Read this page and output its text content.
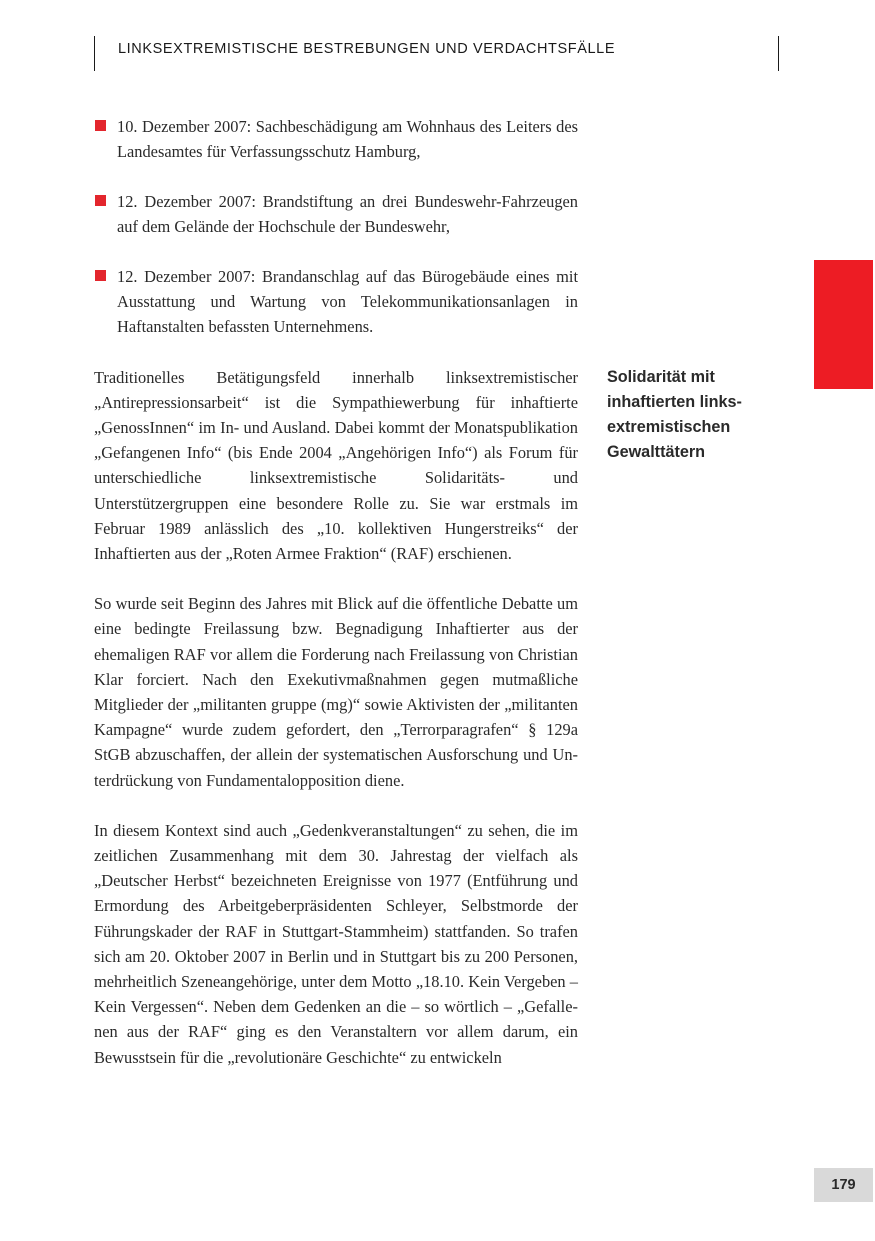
LINKSEXTREMISTISCHE BESTREBUNGEN UND VERDACHTSFÄLLE
10. Dezember 2007: Sachbeschädigung am Wohnhaus des Leiters des Landesamtes für Verfassungsschutz Hamburg,
12. Dezember 2007: Brandstiftung an drei Bundeswehr-Fahrzeugen auf dem Gelände der Hochschule der Bundeswehr,
12. Dezember 2007: Brandanschlag auf das Bürogebäude eines mit Ausstattung und Wartung von Telekommunikationsanlagen in Haftanstalten befassten Unternehmens.

Traditionelles Betätigungsfeld innerhalb linksextremistischer „Antirepressionsarbeit“ ist die Sympathiewerbung für inhaftierte „GenossInnen“ im In- und Ausland. Dabei kommt der Monatspublikation „Gefangenen Info“ (bis Ende 2004 „Angehörigen Info“) als Forum für unterschiedliche linksextremistische Solidaritäts- und Unterstützergruppen eine besondere Rolle zu. Sie war erstmals im Februar 1989 anlässlich des „10. kollektiven Hungerstreiks“ der Inhaftierten aus der „Roten Armee Fraktion“ (RAF) erschienen.

So wurde seit Beginn des Jahres mit Blick auf die öffentliche Debatte um eine bedingte Freilassung bzw. Begnadigung Inhaftierter aus der ehemaligen RAF vor allem die Forderung nach Freilassung von Christian Klar forciert. Nach den Exekutivmaßnahmen gegen mutmaßliche Mitglieder der „militanten gruppe (mg)“ sowie Aktivisten der „militanten Kampagne“ wurde zudem gefordert, den „Terrorparagrafen“ § 129a StGB abzuschaffen, der allein der systematischen Ausforschung und Unterdrückung von Fundamentalopposition diene.

In diesem Kontext sind auch „Gedenkveranstaltungen“ zu sehen, die im zeitlichen Zusammenhang mit dem 30. Jahrestag der vielfach als „Deutscher Herbst“ bezeichneten Ereignisse von 1977 (Entführung und Ermordung des Arbeitgeberpräsidenten Schleyer, Selbstmorde der Führungskader der RAF in Stuttgart-Stammheim) stattfanden. So trafen sich am 20. Oktober 2007 in Berlin und in Stuttgart bis zu 200 Personen, mehrheitlich Szeneangehörige, unter dem Motto „18.10. Kein Vergeben – Kein Vergessen“. Neben dem Gedenken an die – so wörtlich – „Gefallenen aus der RAF“ ging es den Veranstaltern vor allem darum, ein Bewusstsein für die „revolutionäre Geschichte“ zu entwickeln

Solidarität mit inhaftierten linksextremistischen Gewalttätern
179
